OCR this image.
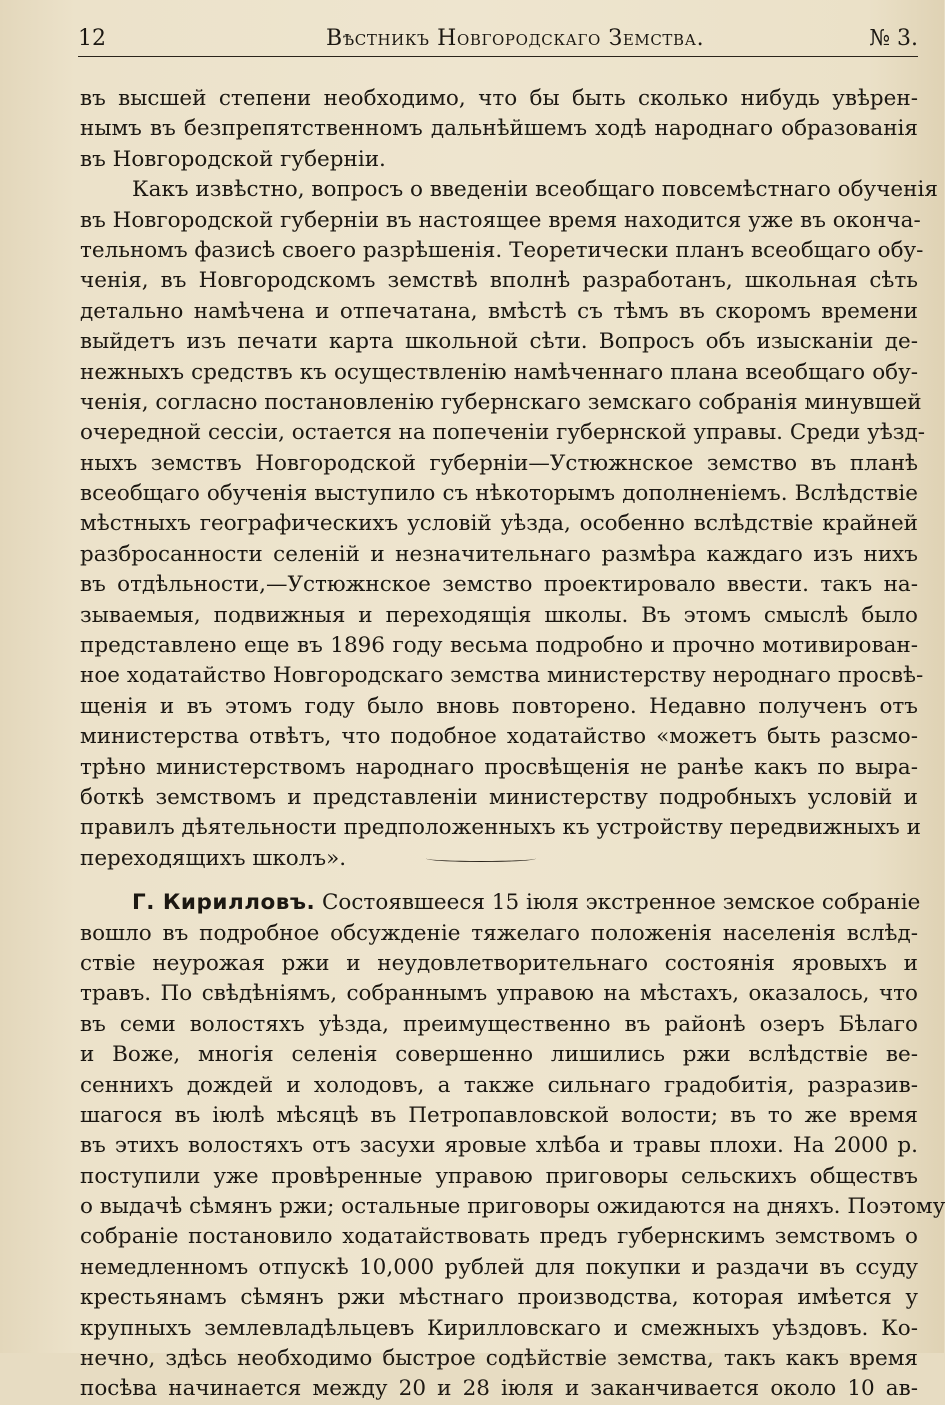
12	Вѣстникъ Новгородскаго Земства.	№ 3.
въ высшей степени необходимо, что бы быть сколько нибудь увѣрен-
нымъ въ безпрепятственномъ дальнѣйшемъ ходѣ народнаго образованія
въ Новгородской губерніи.
Какъ извѣстно, вопросъ о введеніи всеобщаго повсемѣстнаго обученія
въ Новгородской губерніи въ настоящее время находится уже въ оконча-
тельномъ фазисѣ своего разрѣшенія. Теоретически планъ всеобщаго обу-
ченія, въ Новгородскомъ земствѣ вполнѣ разработанъ, школьная сѣть
детально намѣчена и отпечатана, вмѣстѣ съ тѣмъ въ скоромъ времени
выйдетъ изъ печати карта школьной сѣти. Вопросъ объ изысканіи де-
нежныхъ средствъ къ осуществленію намѣченнаго плана всеобщаго обу-
ченія, согласно постановленію губернскаго земскаго собранія минувшей
очередной сессіи, остается на попеченіи губернской управы. Среди уѣзд-
ныхъ земствъ Новгородской губерніи—Устюжнское земство въ планѣ
всеобщаго обученія выступило съ нѣкоторымъ дополненіемъ. Вслѣдствіе
мѣстныхъ географическихъ условій уѣзда, особенно вслѣдствіе крайней
разбросанности селеній и незначительнаго размѣра каждаго изъ нихъ
въ отдѣльности,—Устюжнское земство проектировало ввести. такъ на-
зываемыя, подвижныя и переходящія школы. Въ этомъ смыслѣ было
представлено еще въ 1896 году весьма подробно и прочно мотивирован-
ное ходатайство Новгородскаго земства министерству нероднаго просвѣ-
щенія и въ этомъ году было вновь повторено. Недавно полученъ отъ
министерства отвѣтъ, что подобное ходатайство «можетъ быть разсмо-
трѣно министерствомъ народнаго просвѣщенія не ранѣе какъ по выра-
боткѣ земствомъ и представленіи министерству подробныхъ условій и
правилъ дѣятельности предположенныхъ къ устройству передвижныхъ и
переходящихъ школъ».
Г. Кирилловъ. Состоявшееся 15 іюля экстренное земское собраніе
вошло въ подробное обсужденіе тяжелаго положенія населенія вслѣд-
ствіе неурожая ржи и неудовлетворительнаго состоянія яровыхъ и
травъ. По свѣдѣніямъ, собраннымъ управою на мѣстахъ, оказалось, что
въ семи волостяхъ уѣзда, преимущественно въ районѣ озеръ Бѣлаго
и Воже, многія селенія совершенно лишились ржи вслѣдствіе ве-
сеннихъ дождей и холодовъ, а также сильнаго градобитія, разразив-
шагося въ іюлѣ мѣсяцѣ въ Петропавловской волости; въ то же время
въ этихъ волостяхъ отъ засухи яровые хлѣба и травы плохи. На 2000 р.
поступили уже провѣренные управою приговоры сельскихъ обществъ
о выдачѣ сѣмянъ ржи; остальные приговоры ожидаются на дняхъ. Поэтому
собраніе постановило ходатайствовать предъ губернскимъ земствомъ о
немедленномъ отпускѣ 10,000 рублей для покупки и раздачи въ ссуду
крестьянамъ сѣмянъ ржи мѣстнаго производства, которая имѣется у
крупныхъ землевладѣльцевъ Кирилловскаго и смежныхъ уѣздовъ. Ко-
нечно, здѣсь необходимо быстрое содѣйствіе земства, такъ какъ время
посѣва начинается между 20 и 28 іюля и заканчивается около 10 ав-
